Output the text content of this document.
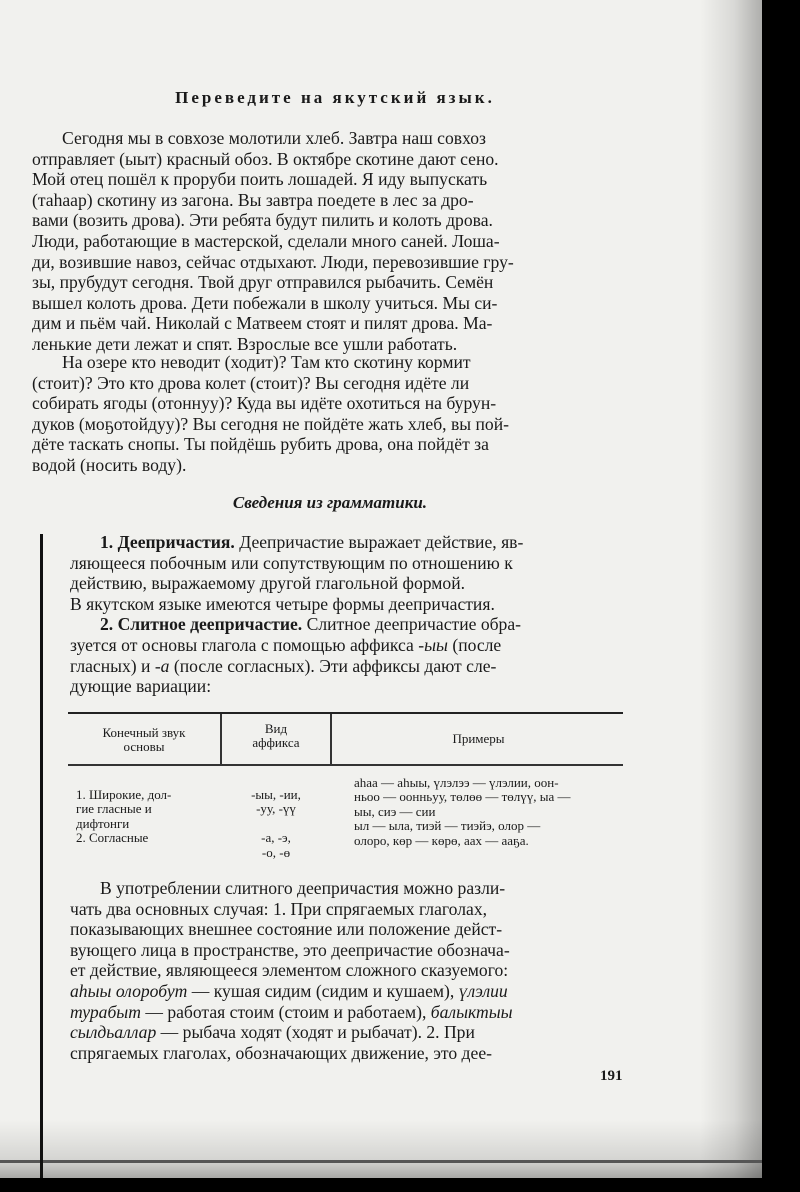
Переведите на якутский язык.
Сегодня мы в совхозе молотили хлеб. Завтра наш совхоз
отправляет (ыыт) красный обоз. В октябре скотине дают сено.
Мой отец пошёл к проруби поить лошадей. Я иду выпускать
(таhаар) скотину из загона. Вы завтра поедете в лес за дро-
вами (возить дрова). Эти ребята будут пилить и колоть дрова.
Люди, работающие в мастерской, сделали много саней. Лоша-
ди, возившие навоз, сейчас отдыхают. Люди, перевозившие гру-
зы, прубудут сегодня. Твой друг отправился рыбачить. Семён
вышел колоть дрова. Дети побежали в школу учиться. Мы си-
дим и пьём чай. Николай с Матвеем стоят и пилят дрова. Ма-
ленькие дети лежат и спят. Взрослые все ушли работать.
На озере кто неводит (ходит)? Там кто скотину кормит
(стоит)? Это кто дрова колет (стоит)? Вы сегодня идёте ли
собирать ягоды (отоннуу)? Куда вы идёте охотиться на бурун-
дуков (моҕотойдуу)? Вы сегодня не пойдёте жать хлеб, вы пой-
дёте таскать снопы. Ты пойдёшь рубить дрова, она пойдёт за
водой (носить воду).
Сведения из грамматики.
1. Деепричастия. Деепричастие выражает действие, яв-
ляющееся побочным или сопутствующим по отношению к
действию, выражаемому другой глагольной формой.
В якутском языке имеются четыре формы деепричастия.
2. Слитное деепричастие. Слитное деепричастие обра-
зуется от основы глагола с помощью аффикса -ыы (после
гласных) и -а (после согласных). Эти аффиксы дают сле-
дующие вариации:
Конечный звук
основы
Вид
аффикса	Примеры
1. Широкие, дол-
гие гласные и
дифтонги
2. Согласные
-ыы, -ии,
-уу, -үү
-а, -э,
-о, -ө
аhаа — аhыы, үлэлээ — үлэлии, оон-
ньоо — оонньуу, төлөө — төлүү, ыа —
ыы, сиэ — сии
ыл — ыла, тиэй — тиэйэ, олор —
олоро, көр — көрө, аах — ааҕа.
В употреблении слитного деепричастия можно разли-
чать два основных случая: 1. При спрягаемых глаголах,
показывающих внешнее состояние или положение дейст-
вующего лица в пространстве, это деепричастие обознача-
ет действие, являющееся элементом сложного сказуемого:
аhыы олоробут — кушая сидим (сидим и кушаем), үлэлии
турабыт — работая стоим (стоим и работаем), балыктыы
сылдьаллар — рыбача ходят (ходят и рыбачат). 2. При
спрягаемых глаголах, обозначающих движение, это дее-
191
